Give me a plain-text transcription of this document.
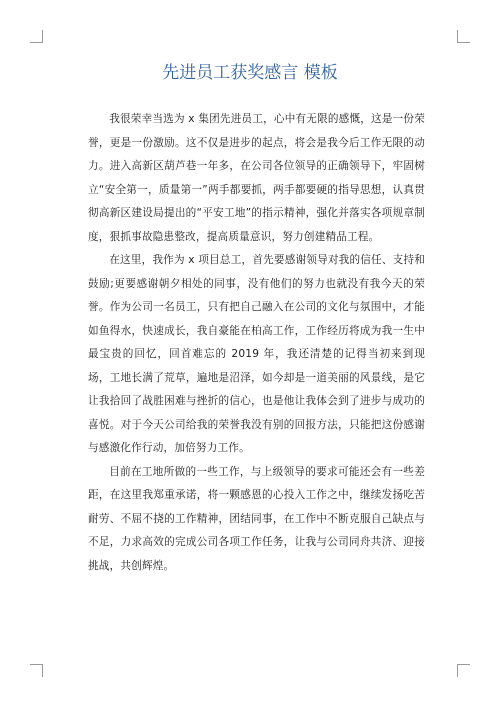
先进员工获奖感言 模板

我很荣幸当选为 x 集团先进员工，心中有无限的感慨，这是一份荣誉，更是一份激励。这不仅是进步的起点，将会是我今后工作无限的动力。进入高新区葫芦巷一年多，在公司各位领导的正确领导下，牢固树立“安全第一，质量第一”两手都要抓，两手都要硬的指导思想，认真贯彻高新区建设局提出的“平安工地”的指示精神，强化并落实各项规章制度，狠抓事故隐患整改，提高质量意识，努力创建精品工程。

在这里，我作为 x 项目总工，首先要感谢领导对我的信任、支持和鼓励;更要感谢朝夕相处的同事，没有他们的努力也就没有我今天的荣誉。作为公司一名员工，只有把自己融入在公司的文化与氛围中，才能如鱼得水，快速成长，我自豪能在柏高工作，工作经历将成为我一生中最宝贵的回忆，回首难忘的 2019 年，我还清楚的记得当初来到现场，工地长满了荒草，遍地是沼泽，如今却是一道美丽的风景线，是它让我拾回了战胜困难与挫折的信心，也是他让我体会到了进步与成功的喜悦。对于今天公司给我的荣誉我没有别的回报方法，只能把这份感谢与感激化作行动，加倍努力工作。

目前在工地所做的一些工作，与上级领导的要求可能还会有一些差距，在这里我郑重承诺，将一颗感恩的心投入工作之中，继续发扬吃苦耐劳、不屈不挠的工作精神，团结同事，在工作中不断克服自己缺点与不足，力求高效的完成公司各项工作任务，让我与公司同舟共济、迎接挑战，共创辉煌。
